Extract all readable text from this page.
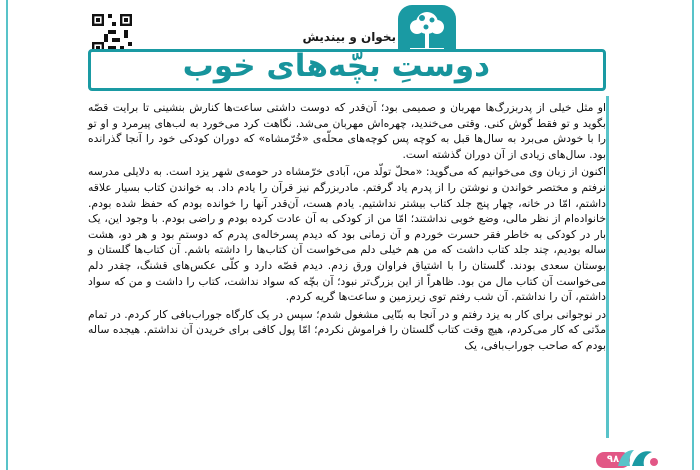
بخوان و بیندیش
دوستِ بچّه‌های خوب

او مثل خیلی از پدربزرگ‌ها مهربان و صمیمی بود؛ آن‌قدر که دوست داشتی ساعت‌ها کنارش بنشینی تا برایت قصّه بگوید و تو فقط گوش کنی. وقتی می‌خندید، چهره‌اش مهربان می‌شد. نگاهت کرد می‌خورد به لب‌های پیرمرد و او تو را با خودش می‌برد به سال‌ها قبل به کوچه پس کوچه‌های محلّه‌ی «خُرّمشاه» که دوران کودکی خود را آنجا گذرانده بود. سال‌های زیادی از آن دوران گذشته است.

اکنون از زبان وی می‌خوانیم که می‌گوید: «محلّ تولّد من، آبادی خرّمشاه در حومه‌ی شهر یزد است. به دلایلی مدرسه نرفتم و مختصر خواندن و نوشتن را از پدرم یاد گرفتم. مادربزرگم نیز قرآن را یادم داد. به خواندن کتاب بسیار علاقه داشتم، امّا در خانه، چهار پنج جلد کتاب بیشتر نداشتیم. یادم هست، آن‌قدر آنها را خوانده بودم که حفظ شده بودم. خانواده‌ام از نظر مالی، وضع خوبی نداشتند؛ امّا من از کودکی به آن عادت کرده بودم و راضی بودم. با وجود این، یک بار در کودکی به خاطر فقر حسرت خوردم و آن زمانی بود که دیدم پسرخاله‌ی پدرم که دوستم بود و هر دو، هشت ساله بودیم، چند جلد کتاب داشت که من هم خیلی دلم می‌خواست آن کتاب‌ها را داشته باشم. آن کتاب‌ها گلستان و بوستان سعدی بودند. گلستان را با اشتیاق فراوان ورق زدم. دیدم قصّه دارد و کلّی عکس‌های قشنگ، چقدر دلم می‌خواست آن کتاب مال من بود. ظاهراً از این بزرگ‌تر نبود؛ آن بچّه که سواد نداشت، کتاب را داشت و من که سواد داشتم، آن را نداشتم. آن شب رفتم توی زیرزمین و ساعت‌ها گریه کردم.

در نوجوانی برای کار به یزد رفتم و در آنجا به بنّایی مشغول شدم؛ سپس در یک کارگاه جوراب‌بافی کار کردم. در تمام مدّتی که کار می‌کردم، هیچ وقت کتاب گلستان را فراموش نکردم؛ امّا پول کافی برای خریدن آن نداشتم. هیجده ساله بودم که صاحب جوراب‌بافی، یک

۹۸
